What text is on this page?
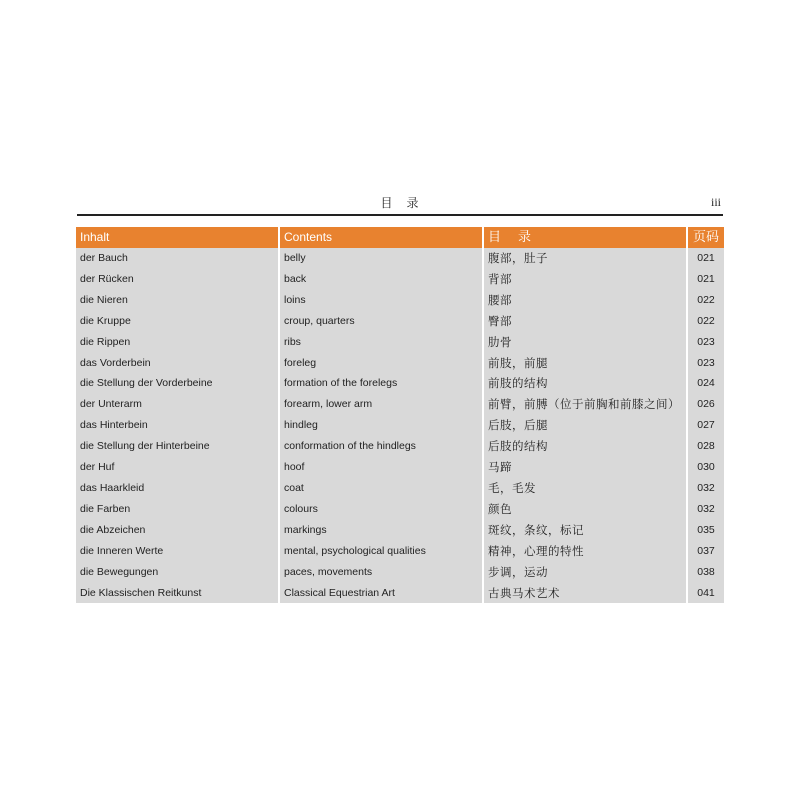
目　录	iii
Inhalt	Contents	目　录	页码
der Bauch	belly	腹部，肚子	021
der Rücken	back	背部	021
die Nieren	loins	腰部	022
die Kruppe	croup, quarters	臀部	022
die Rippen	ribs	肋骨	023
das Vorderbein	foreleg	前肢，前腿	023
die Stellung der Vorderbeine	formation of the forelegs	前肢的结构	024
der Unterarm	forearm, lower arm	前臂，前膊（位于前胸和前膝之间）	026
das Hinterbein	hindleg	后肢，后腿	027
die Stellung der Hinterbeine	conformation of the hindlegs	后肢的结构	028
der Huf	hoof	马蹄	030
das Haarkleid	coat	毛，毛发	032
die Farben	colours	颜色	032
die Abzeichen	markings	斑纹，条纹，标记	035
die Inneren Werte	mental, psychological qualities	精神，心理的特性	037
die Bewegungen	paces, movements	步调，运动	038
Die Klassischen Reitkunst	Classical Equestrian Art	古典马术艺术	041
